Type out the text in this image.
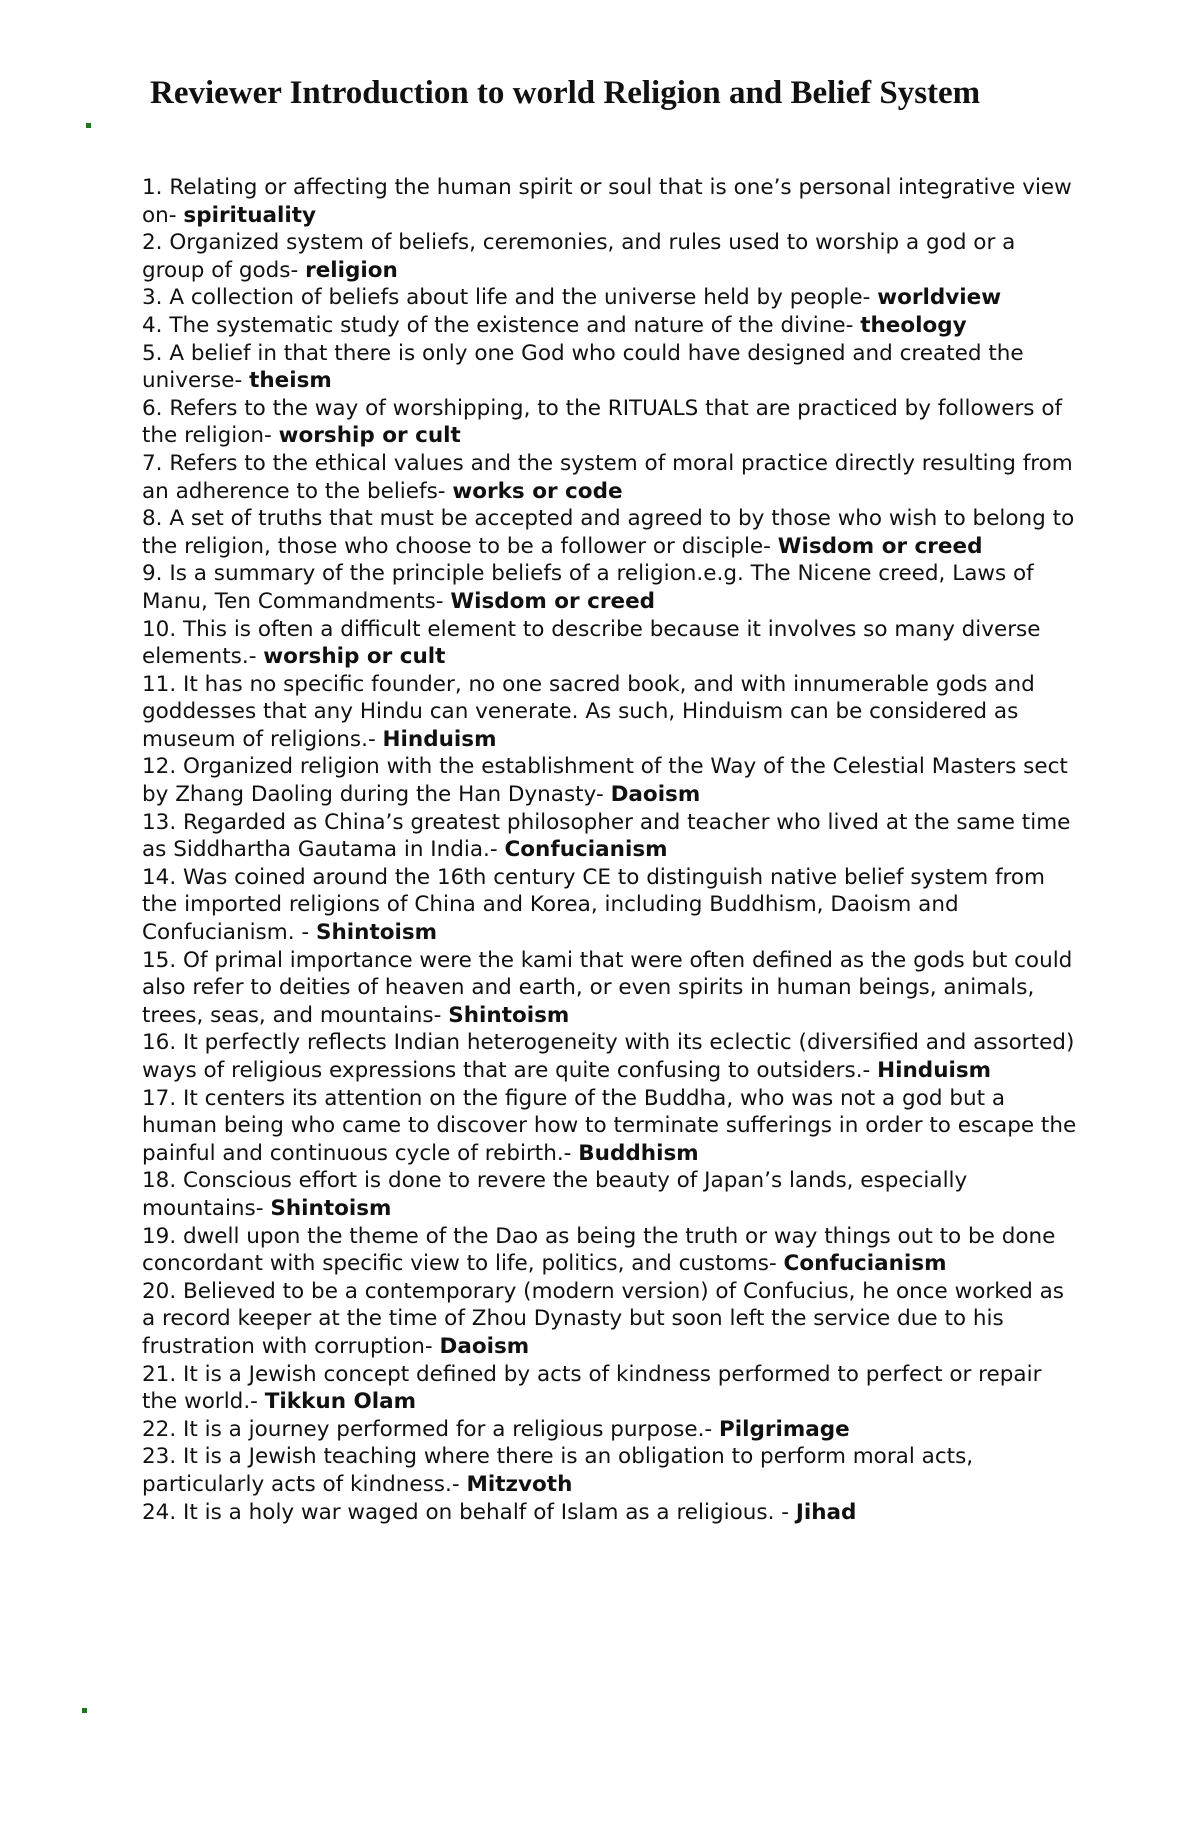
Reviewer Introduction to world Religion and Belief System
1. Relating or affecting the human spirit or soul that is one’s personal integrative view on- spirituality
2. Organized system of beliefs, ceremonies, and rules used to worship a god or a group of gods- religion
3. A collection of beliefs about life and the universe held by people- worldview
4. The systematic study of the existence and nature of the divine- theology
5. A belief in that there is only one God who could have designed and created the universe- theism
6. Refers to the way of worshipping, to the RITUALS that are practiced by followers of the religion- worship or cult
7. Refers to the ethical values and the system of moral practice directly resulting from an adherence to the beliefs- works or code
8. A set of truths that must be accepted and agreed to by those who wish to belong to the religion, those who choose to be a follower or disciple- Wisdom or creed
9. Is a summary of the principle beliefs of a religion.e.g. The Nicene creed, Laws of Manu, Ten Commandments- Wisdom or creed
10. This is often a difficult element to describe because it involves so many diverse elements.- worship or cult
11. It has no specific founder, no one sacred book, and with innumerable gods and goddesses that any Hindu can venerate. As such, Hinduism can be considered as museum of religions.- Hinduism
12. Organized religion with the establishment of the Way of the Celestial Masters sect by Zhang Daoling during the Han Dynasty- Daoism
13. Regarded as China’s greatest philosopher and teacher who lived at the same time as Siddhartha Gautama in India.- Confucianism
14. Was coined around the 16th century CE to distinguish native belief system from the imported religions of China and Korea, including Buddhism, Daoism and Confucianism. - Shintoism
15. Of primal importance were the kami that were often defined as the gods but could also refer to deities of heaven and earth, or even spirits in human beings, animals, trees, seas, and mountains- Shintoism
16. It perfectly reflects Indian heterogeneity with its eclectic (diversified and assorted) ways of religious expressions that are quite confusing to outsiders.- Hinduism
17. It centers its attention on the figure of the Buddha, who was not a god but a human being who came to discover how to terminate sufferings in order to escape the painful and continuous cycle of rebirth.- Buddhism
18. Conscious effort is done to revere the beauty of Japan’s lands, especially mountains- Shintoism
19. dwell upon the theme of the Dao as being the truth or way things out to be done concordant with specific view to life, politics, and customs- Confucianism
20. Believed to be a contemporary (modern version) of Confucius, he once worked as a record keeper at the time of Zhou Dynasty but soon left the service due to his frustration with corruption- Daoism
21. It is a Jewish concept defined by acts of kindness performed to perfect or repair the world.- Tikkun Olam
22. It is a journey performed for a religious purpose.- Pilgrimage
23. It is a Jewish teaching where there is an obligation to perform moral acts, particularly acts of kindness.- Mitzvoth
24. It is a holy war waged on behalf of Islam as a religious. - Jihad
